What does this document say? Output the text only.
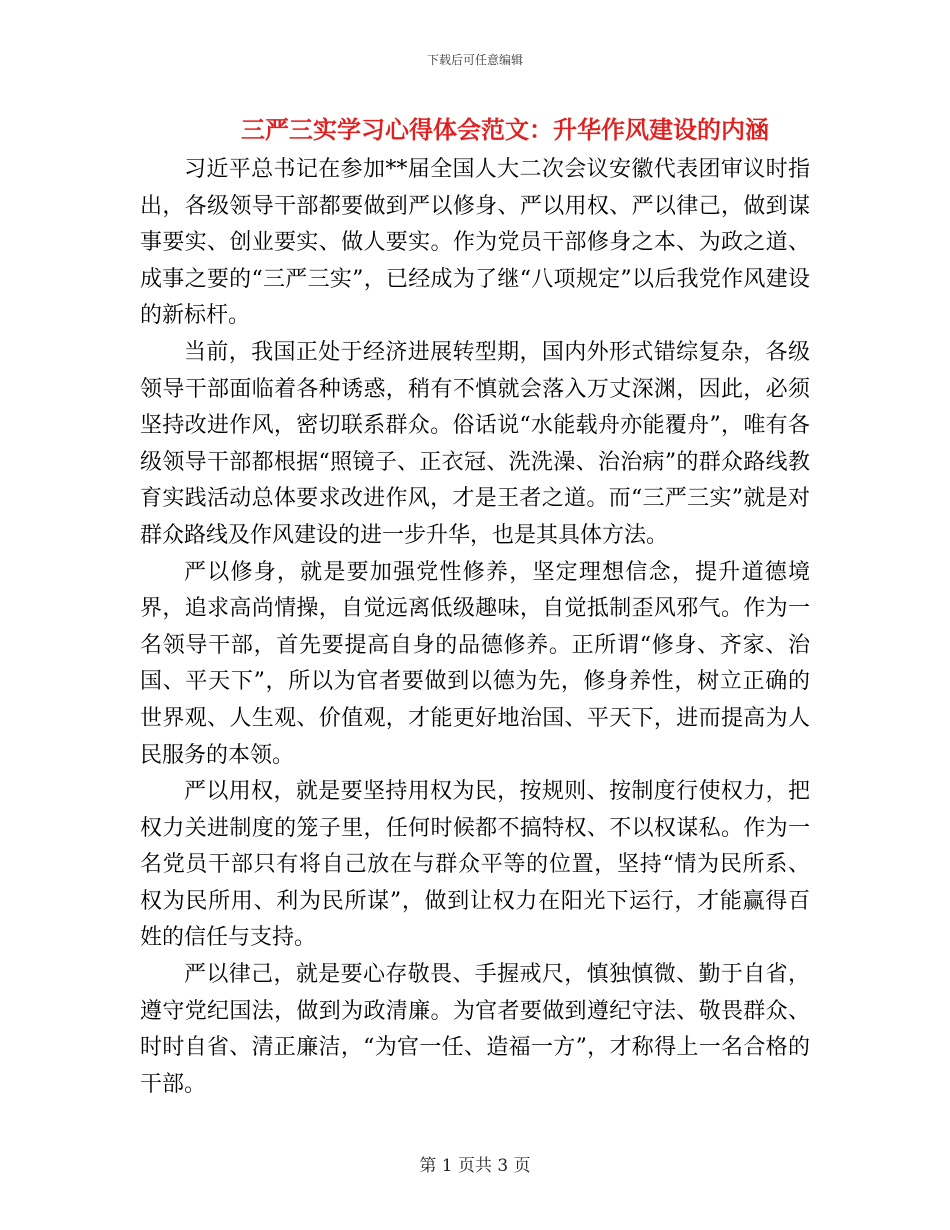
下载后可任意编辑
三严三实学习心得体会范文：升华作风建设的内涵

习近平总书记在参加**届全国人大二次会议安徽代表团审议时指出，各级领导干部都要做到严以修身、严以用权、严以律己，做到谋事要实、创业要实、做人要实。作为党员干部修身之本、为政之道、成事之要的“三严三实”，已经成为了继“八项规定”以后我党作风建设的新标杆。

当前，我国正处于经济进展转型期，国内外形式错综复杂，各级领导干部面临着各种诱惑，稍有不慎就会落入万丈深渊，因此，必须坚持改进作风，密切联系群众。俗话说“水能载舟亦能覆舟”，唯有各级领导干部都根据“照镜子、正衣冠、洗洗澡、治治病”的群众路线教育实践活动总体要求改进作风，才是王者之道。而“三严三实”就是对群众路线及作风建设的进一步升华，也是其具体方法。

严以修身，就是要加强党性修养，坚定理想信念，提升道德境界，追求高尚情操，自觉远离低级趣味，自觉抵制歪风邪气。作为一名领导干部，首先要提高自身的品德修养。正所谓“修身、齐家、治国、平天下”，所以为官者要做到以德为先，修身养性，树立正确的世界观、人生观、价值观，才能更好地治国、平天下，进而提高为人民服务的本领。

严以用权，就是要坚持用权为民，按规则、按制度行使权力，把权力关进制度的笼子里，任何时候都不搞特权、不以权谋私。作为一名党员干部只有将自己放在与群众平等的位置，坚持“情为民所系、权为民所用、利为民所谋”，做到让权力在阳光下运行，才能赢得百姓的信任与支持。

严以律己，就是要心存敬畏、手握戒尺，慎独慎微、勤于自省，遵守党纪国法，做到为政清廉。为官者要做到遵纪守法、敬畏群众、时时自省、清正廉洁，“为官一任、造福一方”，才称得上一名合格的干部。

第 1 页共 3 页
